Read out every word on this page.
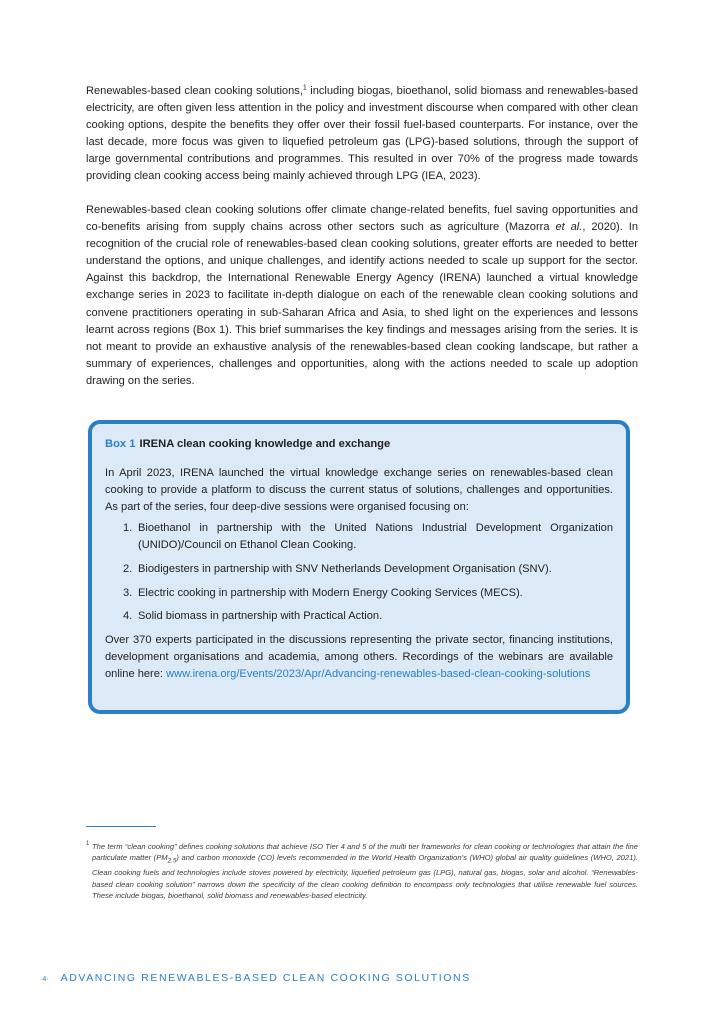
Renewables-based clean cooking solutions,$^1$ including biogas, bioethanol, solid biomass and renewables-based electricity, are often given less attention in the policy and investment discourse when compared with other clean cooking options, despite the benefits they offer over their fossil fuel-based counterparts. For instance, over the last decade, more focus was given to liquefied petroleum gas (LPG)-based solutions, through the support of large governmental contributions and programmes. This resulted in over 70% of the progress made towards providing clean cooking access being mainly achieved through LPG (IEA, 2023).

Renewables-based clean cooking solutions offer climate change-related benefits, fuel saving opportunities and co-benefits arising from supply chains across other sectors such as agriculture (Mazorra et al., 2020). In recognition of the crucial role of renewables-based clean cooking solutions, greater efforts are needed to better understand the options, and unique challenges, and identify actions needed to scale up support for the sector. Against this backdrop, the International Renewable Energy Agency (IRENA) launched a virtual knowledge exchange series in 2023 to facilitate in-depth dialogue on each of the renewable clean cooking solutions and convene practitioners operating in sub-Saharan Africa and Asia, to shed light on the experiences and lessons learnt across regions (Box 1). This brief summarises the key findings and messages arising from the series. It is not meant to provide an exhaustive analysis of the renewables-based clean cooking landscape, but rather a summary of experiences, challenges and opportunities, along with the actions needed to scale up adoption drawing on the series.

Box 1 IRENA clean cooking knowledge and exchange

In April 2023, IRENA launched the virtual knowledge exchange series on renewables-based clean cooking to provide a platform to discuss the current status of solutions, challenges and opportunities. As part of the series, four deep-dive sessions were organised focusing on:

1. Bioethanol in partnership with the United Nations Industrial Development Organization (UNIDO)/Council on Ethanol Clean Cooking.
2. Biodigesters in partnership with SNV Netherlands Development Organisation (SNV).
3. Electric cooking in partnership with Modern Energy Cooking Services (MECS).
4. Solid biomass in partnership with Practical Action.

Over 370 experts participated in the discussions representing the private sector, financing institutions, development organisations and academia, among others. Recordings of the webinars are available online here: www.irena.org/Events/2023/Apr/Advancing-renewables-based-clean-cooking-solutions

1 The term “clean cooking” defines cooking solutions that achieve ISO Tier 4 and 5 of the multi tier frameworks for clean cooking or technologies that attain the fine particulate matter $(PM_{2.5})$ and carbon monoxide (CO) levels recommended in the World Health Organization’s (WHO) global air quality guidelines (WHO, 2021). Clean cooking fuels and technologies include stoves powered by electricity, liquefied petroleum gas (LPG), natural gas, biogas, solar and alcohol. “Renewables-based clean cooking solution” narrows down the specificity of the clean cooking definition to encompass only technologies that utilise renewable fuel sources. These include biogas, bioethanol, solid biomass and renewables-based electricity.

·4· ADVANCING RENEWABLES-BASED CLEAN COOKING SOLUTIONS
